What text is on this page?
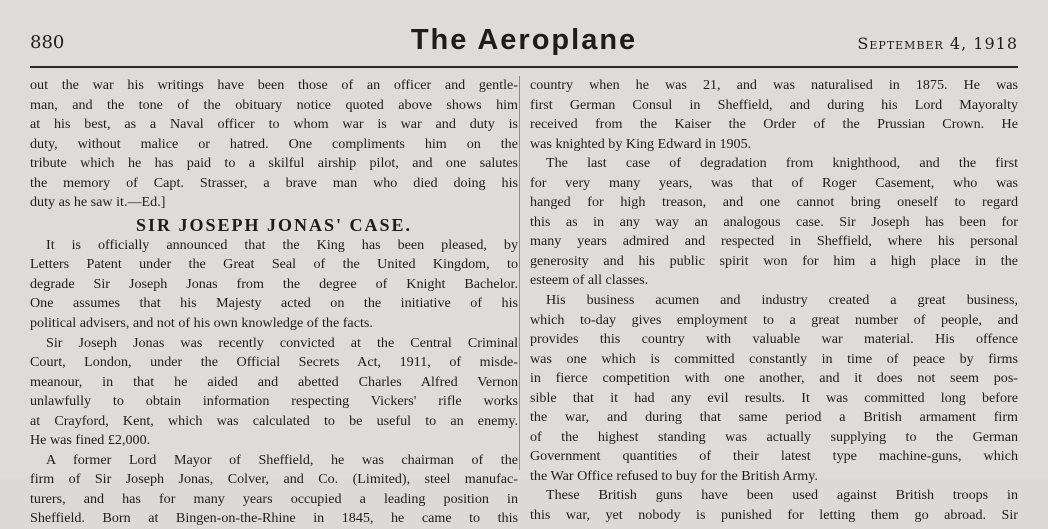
880	The Aeroplane	September 4, 1918
out the war his writings have been those of an officer and gentle-
man, and the tone of the obituary notice quoted above shows him
at his best, as a Naval officer to whom war is war and duty is
duty, without malice or hatred. One compliments him on the
tribute which he has paid to a skilful airship pilot, and one salutes
the memory of Capt. Strasser, a brave man who died doing his
duty as he saw it.—Ed.]
SIR JOSEPH JONAS' CASE.
It is officially announced that the King has been pleased, by
Letters Patent under the Great Seal of the United Kingdom, to
degrade Sir Joseph Jonas from the degree of Knight Bachelor.
One assumes that his Majesty acted on the initiative of his
political advisers, and not of his own knowledge of the facts.
Sir Joseph Jonas was recently convicted at the Central Criminal
Court, London, under the Official Secrets Act, 1911, of misde-
meanour, in that he aided and abetted Charles Alfred Vernon
unlawfully to obtain information respecting Vickers' rifle works
at Crayford, Kent, which was calculated to be useful to an enemy.
He was fined £2,000.
A former Lord Mayor of Sheffield, he was chairman of the
firm of Sir Joseph Jonas, Colver, and Co. (Limited), steel manufac-
turers, and has for many years occupied a leading position in
Sheffield. Born at Bingen-on-the-Rhine in 1845, he came to this
country when he was 21, and was naturalised in 1875. He was
first German Consul in Sheffield, and during his Lord Mayoralty
received from the Kaiser the Order of the Prussian Crown. He
was knighted by King Edward in 1905.
The last case of degradation from knighthood, and the first
for very many years, was that of Roger Casement, who was
hanged for high treason, and one cannot bring oneself to regard
this as in any way an analogous case. Sir Joseph has been for
many years admired and respected in Sheffield, where his personal
generosity and his public spirit won for him a high place in the
esteem of all classes.
His business acumen and industry created a great business,
which to-day gives employment to a great number of people, and
provides this country with valuable war material. His offence
was one which is committed constantly in time of peace by firms
in fierce competition with one another, and it does not seem pos-
sible that it had any evil results. It was committed long before
the war, and during that same period a British armament firm
of the highest standing was actually supplying to the German
Government quantities of their latest type machine-guns, which
the War Office refused to buy for the British Army.
These British guns have been used against British troops in
this war, yet nobody is punished for letting them go abroad. Sir
